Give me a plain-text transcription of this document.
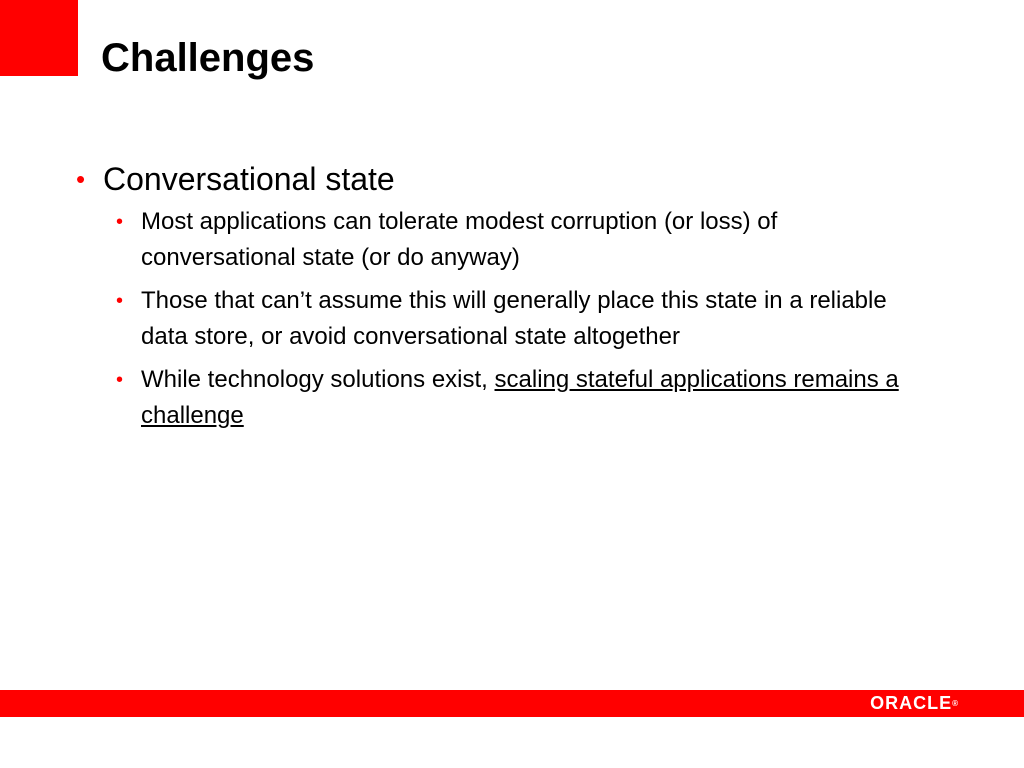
Challenges
• Conversational state
• Most applications can tolerate modest corruption (or loss) of conversational state (or do anyway)
• Those that can’t assume this will generally place this state in a reliable data store, or avoid conversational state altogether
• While technology solutions exist, scaling stateful applications remains a challenge
ORACLE®
